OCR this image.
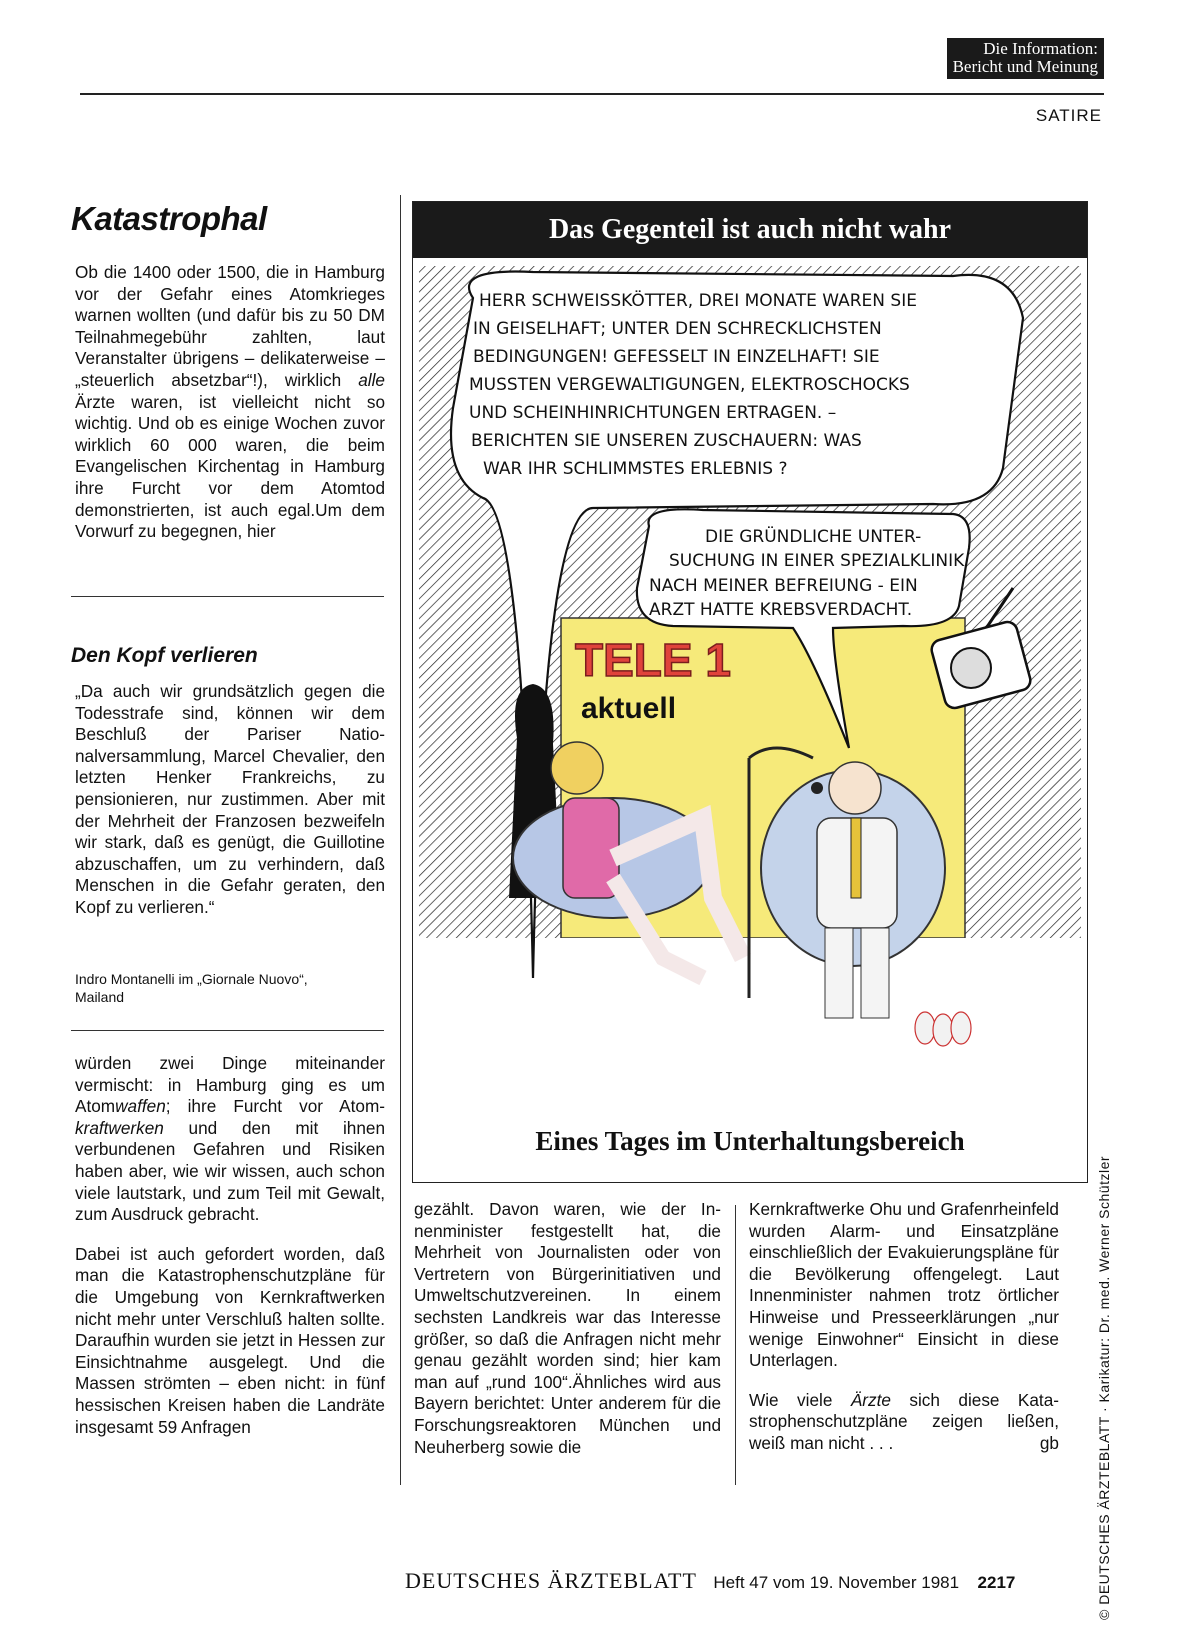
Die Information:
Bericht und Meinung
SATIRE
Katastrophal

Ob die 1400 oder 1500, die in Hamburg vor der Gefahr eines Atomkrieges warnen wollten (und dafür bis zu 50 DM Teilnahmegebühr zahlten, laut Veranstalter übrigens – delikaterweise – „steuerlich absetzbar“!), wirklich alle Ärzte waren, ist vielleicht nicht so wichtig. Und ob es einige Wochen zuvor wirklich 60 000 waren, die beim Evangelischen Kirchentag in Hamburg ihre Furcht vor dem Atomtod demonstrierten, ist auch egal.Um dem Vorwurf zu begegnen, hier

Den Kopf verlieren
„Da auch wir grundsätzlich gegen die Todesstrafe sind, können wir dem Beschluß der Pariser Nationalversammlung, Marcel Chevalier, den letzten Henker Frankreichs, zu pensionieren, nur zustimmen. Aber mit der Mehrheit der Franzosen bezweifeln wir stark, daß es genügt, die Guillotine abzuschaffen, um zu verhindern, daß Menschen in die Gefahr geraten, den Kopf zu verlieren.“
Indro Montanelli im „Giornale Nuovo“,
Mailand

würden zwei Dinge miteinander vermischt: in Hamburg ging es um Atomwaffen; ihre Furcht vor Atomkraftwerken und den mit ihnen verbundenen Gefahren und Risiken haben aber, wie wir wissen, auch schon viele lautstark, und zum Teil mit Gewalt, zum Ausdruck gebracht.

Dabei ist auch gefordert worden, daß man die Katastrophenschutzpläne für die Umgebung von Kernkraftwerken nicht mehr unter Verschluß halten sollte. Daraufhin wurden sie jetzt in Hessen zur Einsichtnahme ausgelegt. Und die Massen strömten – eben nicht: in fünf hessischen Kreisen haben die Landräte insgesamt 59 Anfragen

gezählt. Davon waren, wie der Innenminister festgestellt hat, die Mehrheit von Journalisten oder von Vertretern von Bürgerinitiativen und Umweltschutzvereinen. In einem sechsten Landkreis war das Interesse größer, so daß die Anfragen nicht mehr genau gezählt worden sind; hier kam man auf „rund 100“.Ähnliches wird aus Bayern berichtet: Unter anderem für die Forschungsreaktoren München und Neuherberg sowie die

Kernkraftwerke Ohu und Grafenrheinfeld wurden Alarm- und Einsatzpläne einschließlich der Evakuierungspläne für die Bevölkerung offengelegt. Laut Innenminister nahmen trotz örtlicher Hinweise und Presseerklärungen „nur wenige Einwohner“ Einsicht in diese Unterlagen.

Wie viele Ärzte sich diese Katastrophenschutzpläne zeigen ließen, weiß man nicht . . .	gb

Das Gegenteil ist auch nicht wahr
TELE 1
aktuell
HERR SCHWEISSKÖTTER, DREI MONATE WAREN SIE
IN GEISELHAFT; UNTER DEN SCHRECKLICHSTEN
BEDINGUNGEN! GEFESSELT IN EINZELHAFT! SIE
MUSSTEN VERGEWALTIGUNGEN, ELEKTROSCHOCKS
UND SCHEINHINRICHTUNGEN ERTRAGEN. –
BERICHTEN SIE UNSEREN ZUSCHAUERN: WAS
WAR IHR SCHLIMMSTES ERLEBNIS ?
DIE GRÜNDLICHE UNTER-
SUCHUNG IN EINER SPEZIALKLINIK
NACH MEINER BEFREIUNG - EIN
ARZT HATTE KREBSVERDACHT.
Eines Tages im Unterhaltungsbereich
© DEUTSCHES ÄRZTEBLATT · Karikatur: Dr. med. Werner Schützler
DEUTSCHES ÄRZTEBLATT Heft 47 vom 19. November 1981 2217
